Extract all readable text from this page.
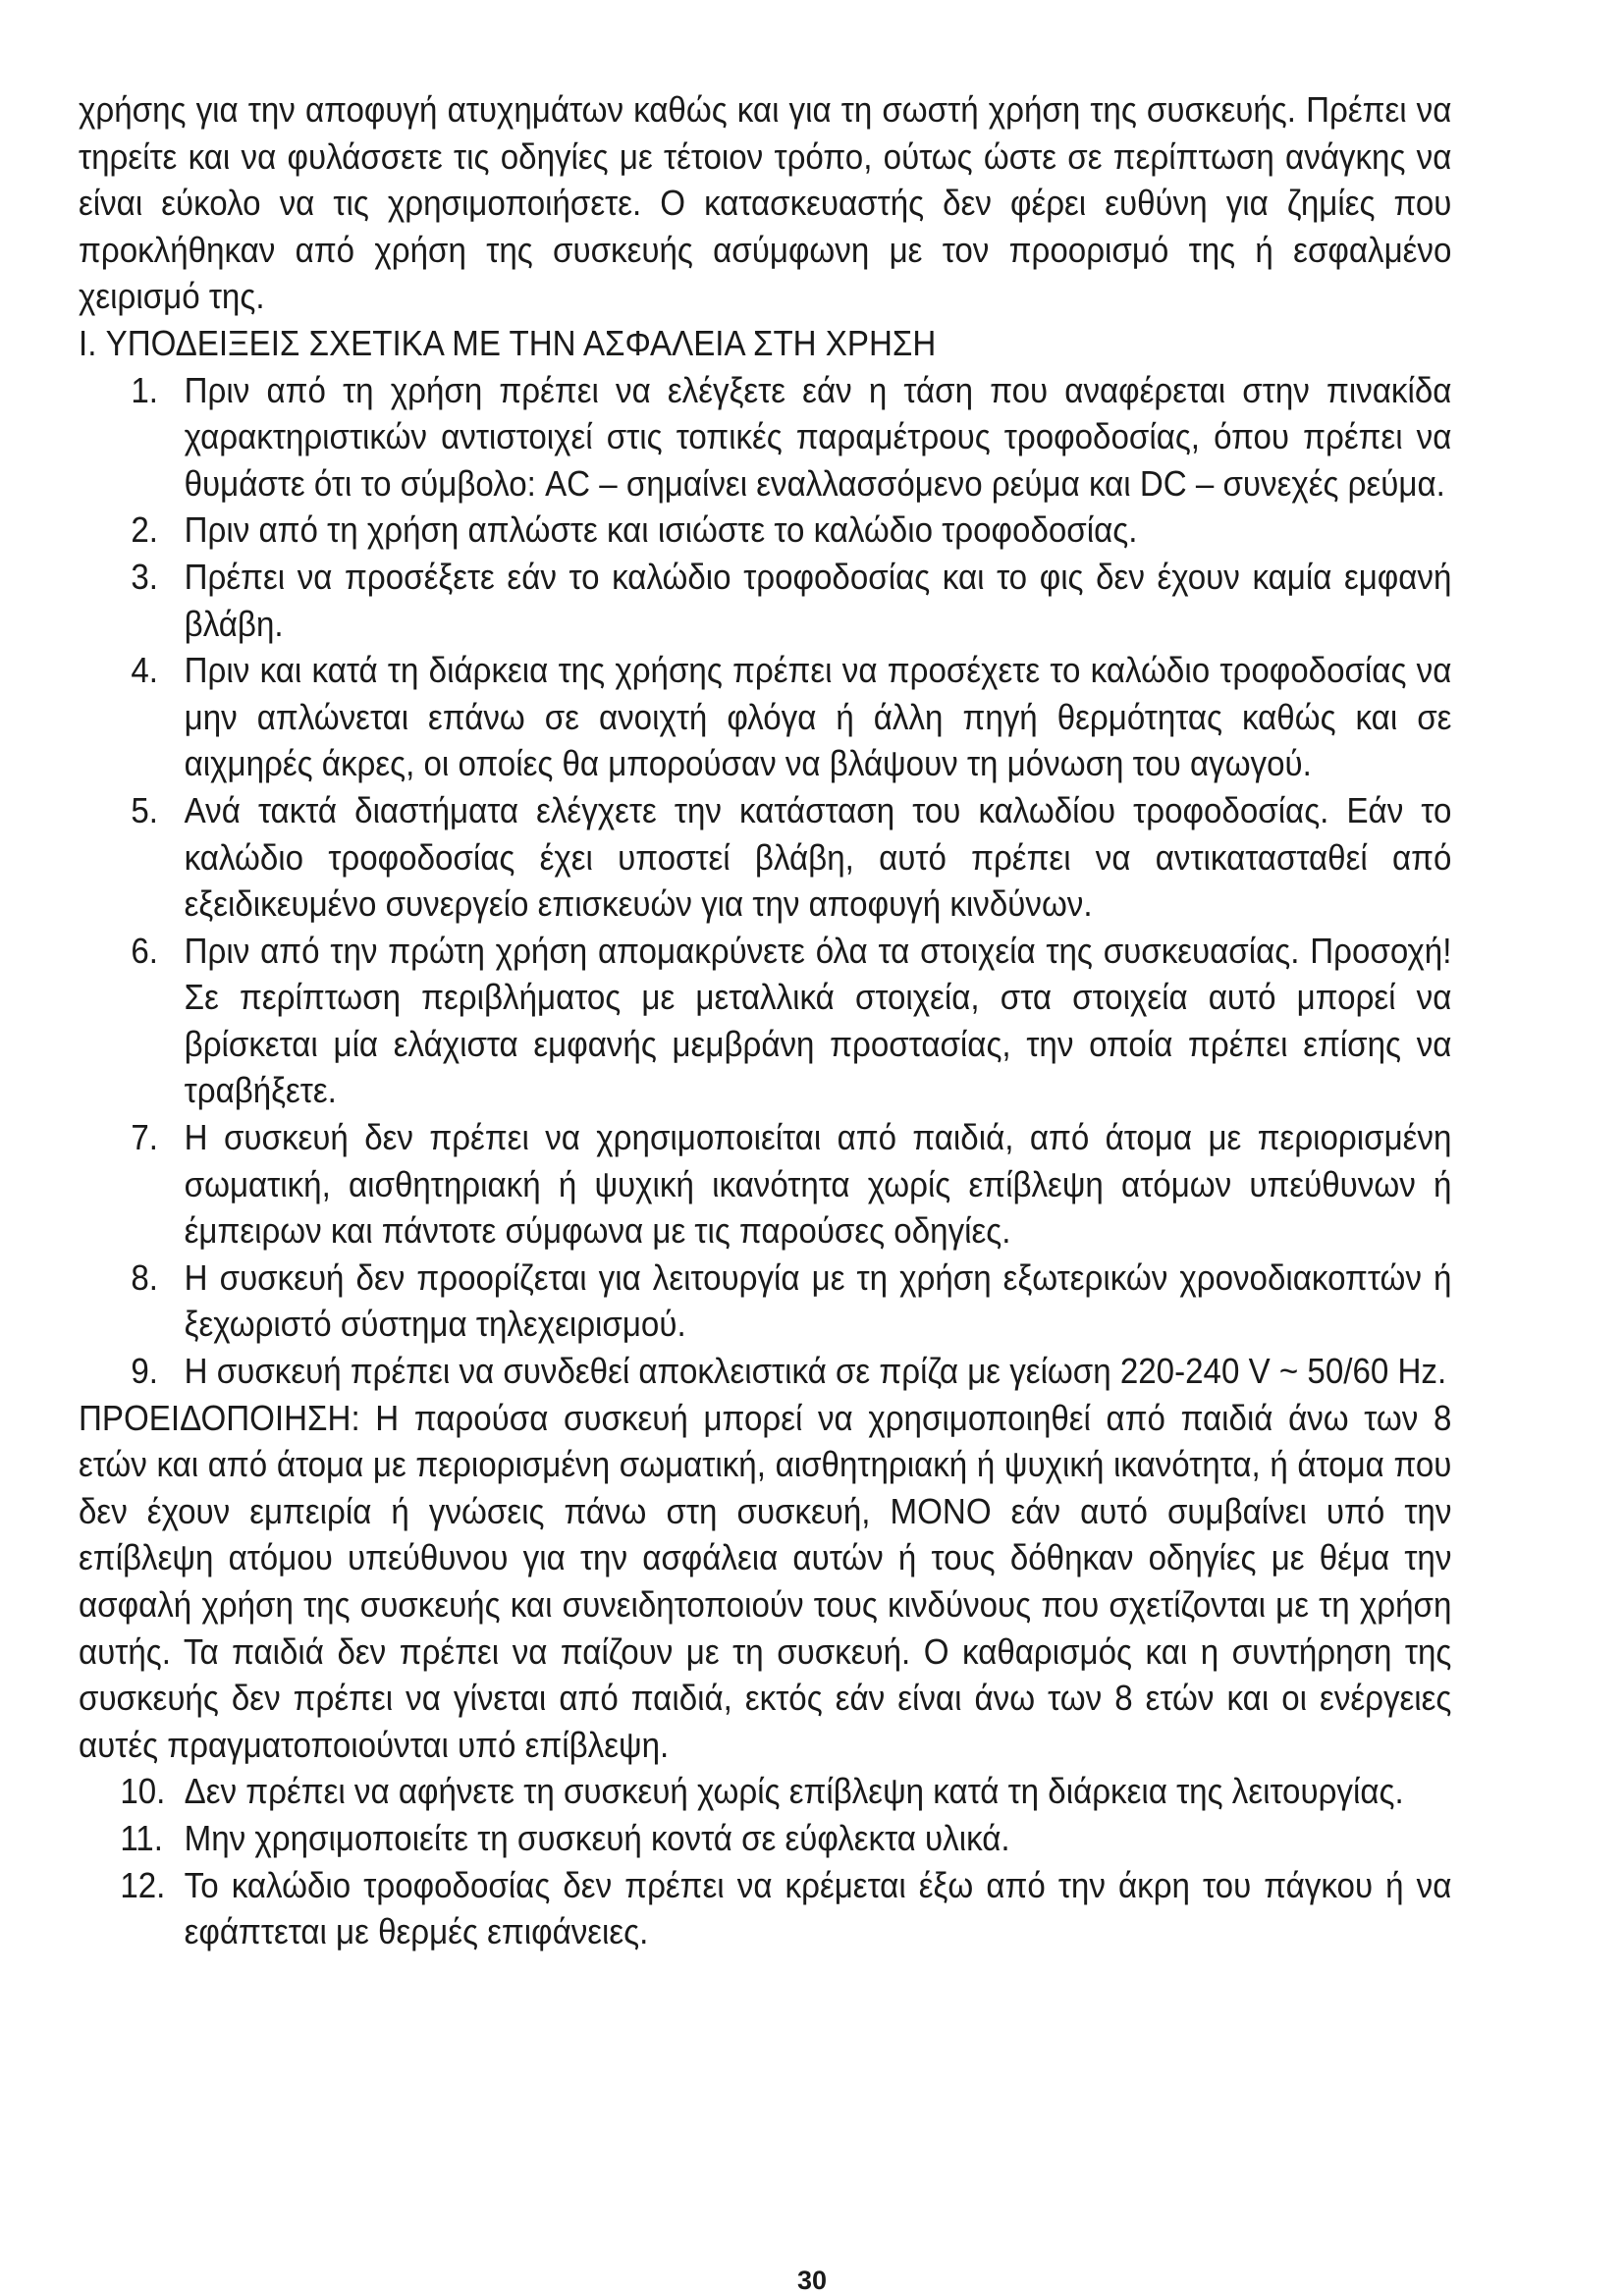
χρήσης για την αποφυγή ατυχημάτων καθώς και για τη σωστή χρήση της συσκευής. Πρέπει να τηρείτε και να φυλάσσετε τις οδηγίες με τέτοιον τρόπο, ούτως ώστε σε περίπτωση ανάγκης να είναι εύκολο να τις χρησιμοποιήσετε. Ο κατασκευαστής δεν φέρει ευθύνη για ζημίες που προκλήθηκαν από χρήση της συσκευής ασύμφωνη με τον προορισμό της ή εσφαλμένο χειρισμό της.

I. ΥΠΟΔΕΙΞΕΙΣ ΣΧΕΤΙΚΑ ΜΕ ΤΗΝ ΑΣΦΑΛΕΙΑ ΣΤΗ ΧΡΗΣΗ

1. Πριν από τη χρήση πρέπει να ελέγξετε εάν η τάση που αναφέρεται στην πινακίδα χαρακτηριστικών αντιστοιχεί στις τοπικές παραμέτρους τροφοδοσίας, όπου πρέπει να θυμάστε ότι το σύμβολο: AC – σημαίνει εναλλασσόμενο ρεύμα και DC – συνεχές ρεύμα.
2. Πριν από τη χρήση απλώστε και ισιώστε το καλώδιο τροφοδοσίας.
3. Πρέπει να προσέξετε εάν το καλώδιο τροφοδοσίας και το φις δεν έχουν καμία εμφανή βλάβη.
4. Πριν και κατά τη διάρκεια της χρήσης πρέπει να προσέχετε το καλώδιο τροφοδοσίας να μην απλώνεται επάνω σε ανοιχτή φλόγα ή άλλη πηγή θερμότητας καθώς και σε αιχμηρές άκρες, οι οποίες θα μπορούσαν να βλάψουν τη μόνωση του αγωγού.
5. Ανά τακτά διαστήματα ελέγχετε την κατάσταση του καλωδίου τροφοδοσίας. Εάν το καλώδιο τροφοδοσίας έχει υποστεί βλάβη, αυτό πρέπει να αντικατασταθεί από εξειδικευμένο συνεργείο επισκευών για την αποφυγή κινδύνων.
6. Πριν από την πρώτη χρήση απομακρύνετε όλα τα στοιχεία της συσκευασίας. Προσοχή! Σε περίπτωση περιβλήματος με μεταλλικά στοιχεία, στα στοιχεία αυτό μπορεί να βρίσκεται μία ελάχιστα εμφανής μεμβράνη προστασίας, την οποία πρέπει επίσης να τραβήξετε.
7. Η συσκευή δεν πρέπει να χρησιμοποιείται από παιδιά, από άτομα με περιορισμένη σωματική, αισθητηριακή ή ψυχική ικανότητα χωρίς επίβλεψη ατόμων υπεύθυνων ή έμπειρων και πάντοτε σύμφωνα με τις παρούσες οδηγίες.
8. Η συσκευή δεν προορίζεται για λειτουργία με τη χρήση εξωτερικών χρονοδιακοπτών ή ξεχωριστό σύστημα τηλεχειρισμού.
9. Η συσκευή πρέπει να συνδεθεί αποκλειστικά σε πρίζα με γείωση 220-240 V ~ 50/60 Hz.

ΠΡΟΕΙΔΟΠΟΙΗΣΗ: Η παρούσα συσκευή μπορεί να χρησιμοποιηθεί από παιδιά άνω των 8 ετών και από άτομα με περιορισμένη σωματική, αισθητηριακή ή ψυχική ικανότητα, ή άτομα που δεν έχουν εμπειρία ή γνώσεις πάνω στη συσκευή, ΜΟΝΟ εάν αυτό συμβαίνει υπό την επίβλεψη ατόμου υπεύθυνου για την ασφάλεια αυτών ή τους δόθηκαν οδηγίες με θέμα την ασφαλή χρήση της συσκευής και συνειδητοποιούν τους κινδύνους που σχετίζονται με τη χρήση αυτής. Τα παιδιά δεν πρέπει να παίζουν με τη συσκευή. Ο καθαρισμός και η συντήρηση της συσκευής δεν πρέπει να γίνεται από παιδιά, εκτός εάν είναι άνω των 8 ετών και οι ενέργειες αυτές πραγματοποιούνται υπό επίβλεψη.

10. Δεν πρέπει να αφήνετε τη συσκευή χωρίς επίβλεψη κατά τη διάρκεια της λειτουργίας.
11. Μην χρησιμοποιείτε τη συσκευή κοντά σε εύφλεκτα υλικά.
12. Το καλώδιο τροφοδοσίας δεν πρέπει να κρέμεται έξω από την άκρη του πάγκου ή να εφάπτεται με θερμές επιφάνειες.
30
